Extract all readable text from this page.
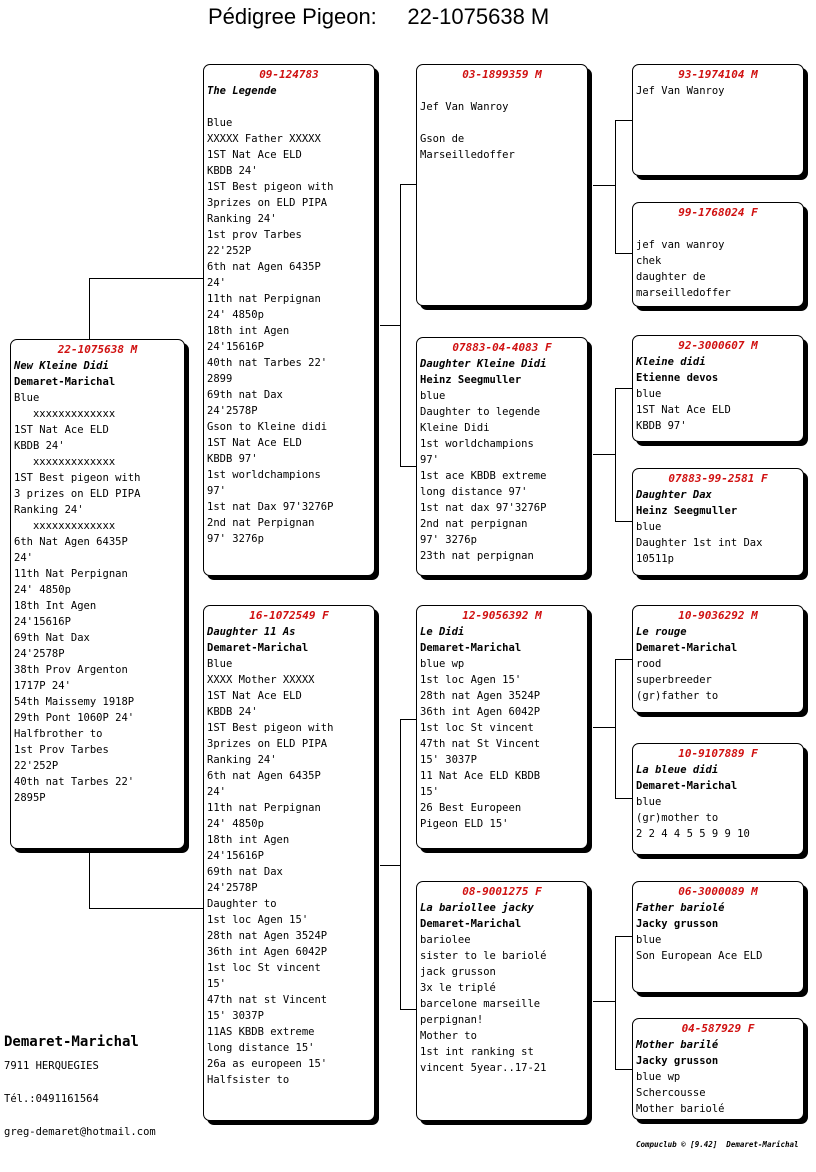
Pédigree Pigeon:     22-1075638 M
22-1075638 M
New Kleine Didi
Demaret-Marichal
Blue
xxxxxxxxxxxxx
1ST Nat Ace ELD
KBDB 24'
xxxxxxxxxxxxx
1ST Best pigeon with
3 prizes on ELD PIPA
Ranking 24'
xxxxxxxxxxxxx
6th Nat Agen 6435P
24'
11th Nat Perpignan
24' 4850p
18th Int Agen
24'15616P
69th Nat Dax
24'2578P
38th Prov Argenton
1717P 24'
54th Maissemy 1918P
29th Pont 1060P 24'
Halfbrother to
1st Prov Tarbes
22'252P
40th nat Tarbes 22'
2895P
09-124783
The Legende

Blue
XXXXX Father XXXXX
1ST Nat Ace ELD
KBDB 24'
1ST Best pigeon with
3prizes on ELD PIPA
Ranking 24'
1st prov Tarbes
22'252P
6th nat Agen 6435P
24'
11th nat Perpignan
24' 4850p
18th int Agen
24'15616P
40th nat Tarbes 22'
2899
69th nat Dax
24'2578P
Gson to Kleine didi
1ST Nat Ace ELD
KBDB 97'
1st worldchampions
97'
1st nat Dax 97'3276P
2nd nat Perpignan
97' 3276p
16-1072549 F
Daughter 11 As
Demaret-Marichal
Blue
XXXX Mother XXXXX
1ST Nat Ace ELD
KBDB 24'
1ST Best pigeon with
3prizes on ELD PIPA
Ranking 24'
6th nat Agen 6435P
24'
11th nat Perpignan
24' 4850p
18th int Agen
24'15616P
69th nat Dax
24'2578P
Daughter to
1st loc Agen 15'
28th nat Agen 3524P
36th int Agen 6042P
1st loc St vincent
15'
47th nat st Vincent
15' 3037P
11AS KBDB extreme
long distance 15'
26a as europeen 15'
Halfsister to
03-1899359 M

Jef Van Wanroy

Gson de
Marseilledoffer
07883-04-4083 F
Daughter Kleine Didi
Heinz Seegmuller
blue
Daughter to legende
Kleine Didi
1st worldchampions
97'
1st ace KBDB extreme
long distance 97'
1st nat dax 97'3276P
2nd nat perpignan
97' 3276p
23th nat perpignan
12-9056392 M
Le Didi
Demaret-Marichal
blue wp
1st loc Agen 15'
28th nat Agen 3524P
36th int Agen 6042P
1st loc St vincent
47th nat St Vincent
15' 3037P
11 Nat Ace ELD KBDB
15'
26 Best Europeen
Pigeon ELD 15'
08-9001275 F
La bariollee jacky
Demaret-Marichal
bariolee
sister to le bariolé
jack grusson
3x le triplé
barcelone marseille
perpignan!
Mother to
1st int ranking st
vincent 5year..17-21
93-1974104 M
Jef Van Wanroy
99-1768024 F

jef van wanroy
chek
daughter de
marseilledoffer
92-3000607 M
Kleine didi
Etienne devos
blue
1ST Nat Ace ELD
KBDB 97'
07883-99-2581 F
Daughter Dax
Heinz Seegmuller
blue
Daughter 1st int Dax
10511p
10-9036292 M
Le rouge
Demaret-Marichal
rood
superbreeder
(gr)father to
10-9107889 F
La bleue didi
Demaret-Marichal
blue
(gr)mother to
2 2 4 4 5 5 9 9 10
06-3000089 M
Father bariolé
Jacky grusson
blue
Son European Ace ELD
04-587929 F
Mother barilé
Jacky grusson
blue wp
Schercousse
Mother bariolé
Demaret-Marichal
7911 HERQUEGIES
Tél.:0491161564
greg-demaret@hotmail.com
Compuclub © [9.42]  Demaret-Marichal
